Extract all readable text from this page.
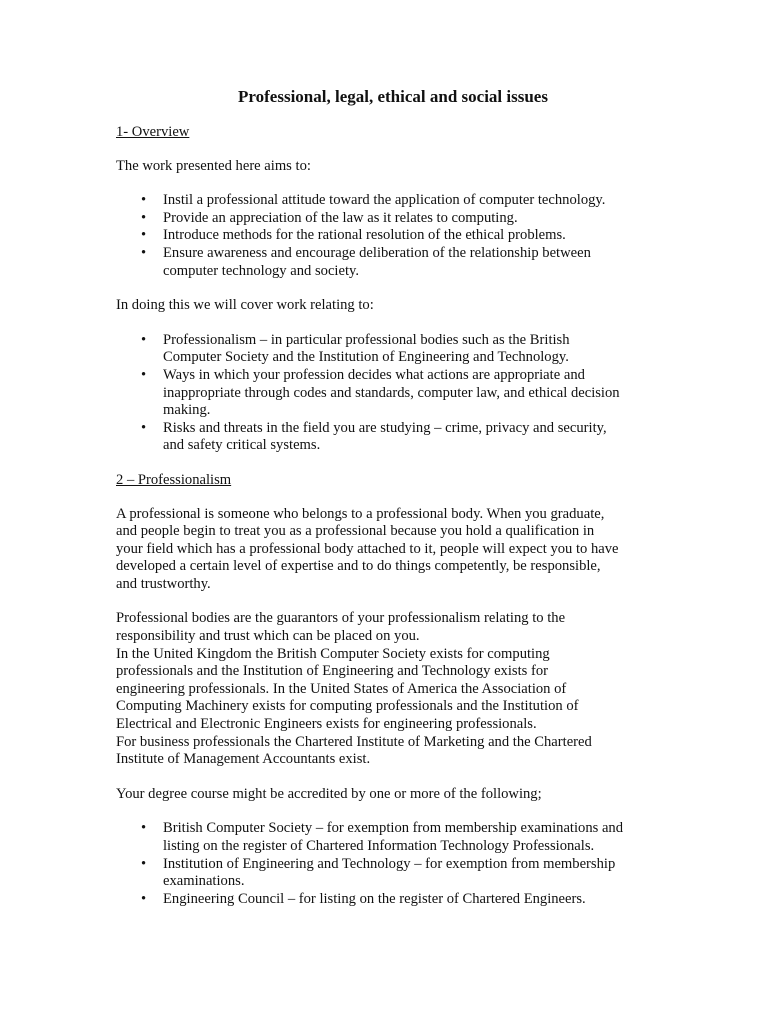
Professional, legal, ethical and social issues
1- Overview

The work presented here aims to:

• Instil a professional attitude toward the application of computer technology.
• Provide an appreciation of the law as it relates to computing.
• Introduce methods for the rational resolution of the ethical problems.
• Ensure awareness and encourage deliberation of the relationship between
computer technology and society.

In doing this we will cover work relating to:

• Professionalism – in particular professional bodies such as the British
Computer Society and the Institution of Engineering and Technology.
• Ways in which your profession decides what actions are appropriate and
inappropriate through codes and standards, computer law, and ethical decision
making.
• Risks and threats in the field you are studying – crime, privacy and security,
and safety critical systems.
2 – Professionalism

A professional is someone who belongs to a professional body. When you graduate,
and people begin to treat you as a professional because you hold a qualification in
your field which has a professional body attached to it, people will expect you to have
developed a certain level of expertise and to do things competently, be responsible,
and trustworthy.

Professional bodies are the guarantors of your professionalism relating to the
responsibility and trust which can be placed on you.
In the United Kingdom the British Computer Society exists for computing
professionals and the Institution of Engineering and Technology exists for
engineering professionals. In the United States of America the Association of
Computing Machinery exists for computing professionals and the Institution of
Electrical and Electronic Engineers exists for engineering professionals.
For business professionals the Chartered Institute of Marketing and the Chartered
Institute of Management Accountants exist.

Your degree course might be accredited by one or more of the following;

• British Computer Society – for exemption from membership examinations and
listing on the register of Chartered Information Technology Professionals.
• Institution of Engineering and Technology – for exemption from membership
examinations.
• Engineering Council – for listing on the register of Chartered Engineers.
